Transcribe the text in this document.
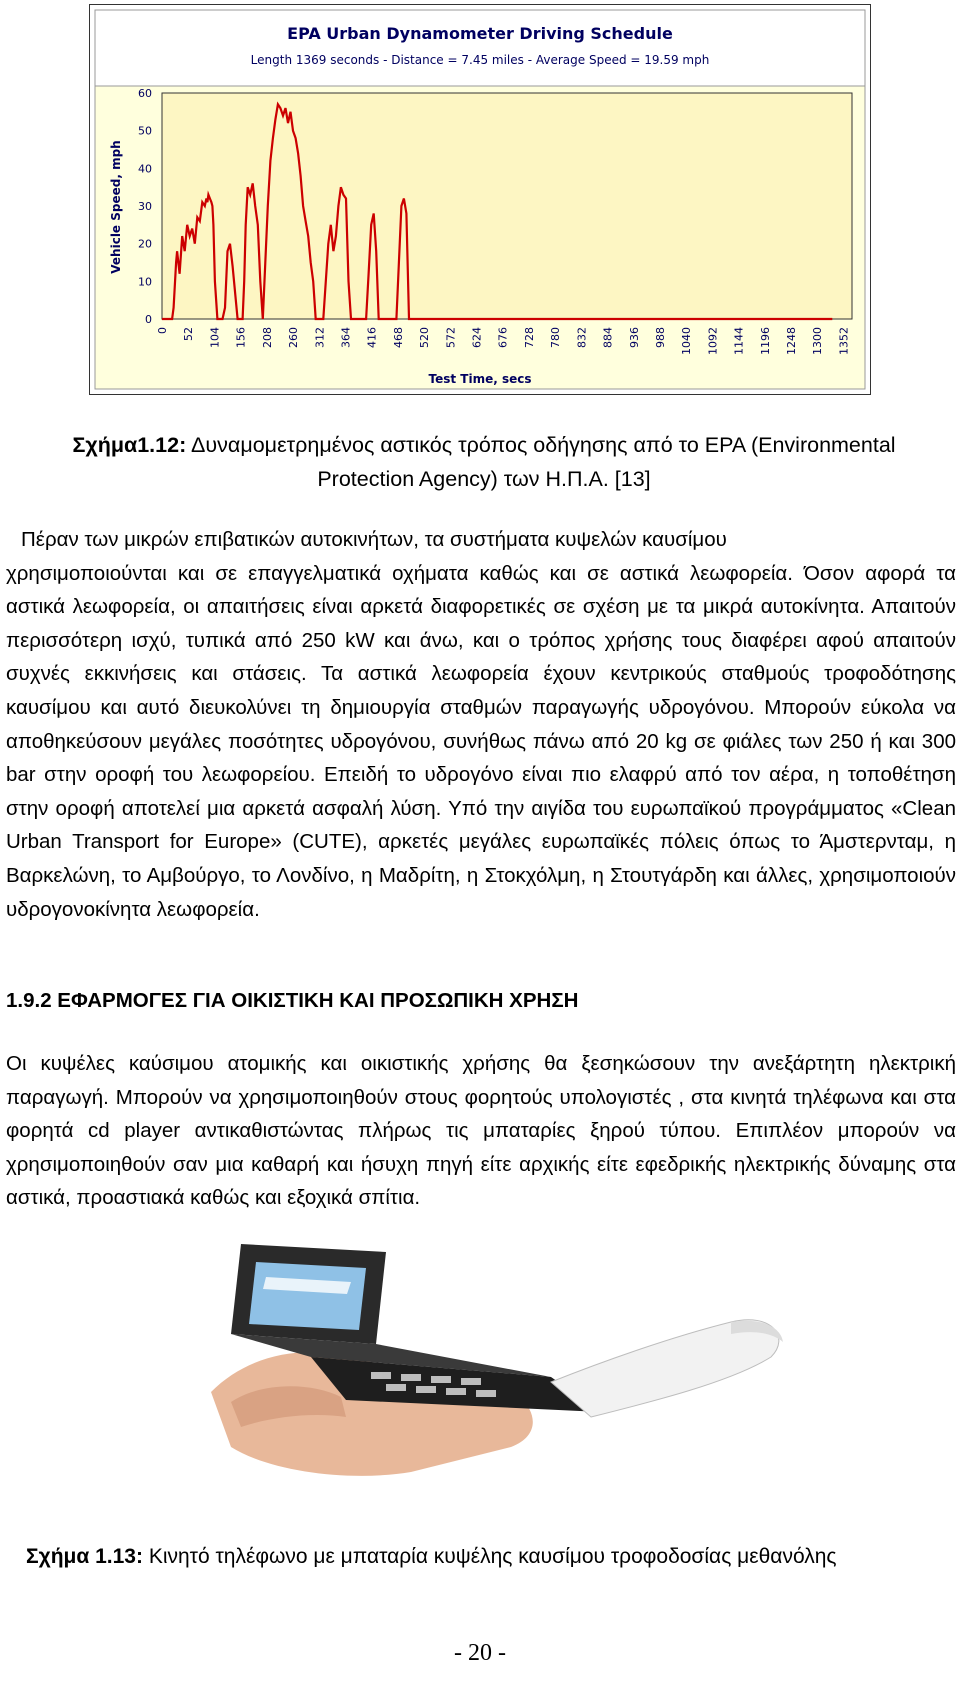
EPA Urban Dynamometer Driving Schedule
Length 1369 seconds - Distance = 7.45 miles - Average Speed = 19.59 mph
Test Time, secs
Vehicle Speed, mph
0
10
20
30
40
50
60
0 52 104 156 208 260 312 364 416 468 520 572 624 676 728 780 832 884 936 988 1040 1092 1144 1196 1248 1300 1352
Σχήμα1.12: Δυναμομετρημένος αστικός τρόπος οδήγησης από το EPA (Environmental
Protection Agency) των Η.Π.Α. [13]
Πέραν των μικρών επιβατικών αυτοκινήτων, τα συστήματα κυψελών καυσίμου
χρησιμοποιούνται και σε επαγγελματικά οχήματα καθώς και σε αστικά λεωφορεία. Όσον αφορά τα αστικά λεωφορεία, οι απαιτήσεις είναι αρκετά διαφορετικές σε σχέση με τα μικρά αυτοκίνητα. Απαιτούν περισσότερη ισχύ, τυπικά από 250 kW και άνω, και ο τρόπος χρήσης τους διαφέρει αφού απαιτούν συχνές εκκινήσεις και στάσεις. Τα αστικά λεωφορεία έχουν κεντρικούς σταθμούς τροφοδότησης καυσίμου και αυτό διευκολύνει τη δημιουργία σταθμών παραγωγής υδρογόνου. Μπορούν εύκολα να αποθηκεύσουν μεγάλες ποσότητες υδρογόνου, συνήθως πάνω από 20 kg σε φιάλες των 250 ή και 300 bar στην οροφή του λεωφορείου. Επειδή το υδρογόνο είναι πιο ελαφρύ από τον αέρα, η τοποθέτηση στην οροφή αποτελεί μια αρκετά ασφαλή λύση. Υπό την αιγίδα του ευρωπαϊκού προγράμματος «Clean Urban Transport for Europe» (CUTE), αρκετές μεγάλες ευρωπαϊκές πόλεις όπως το Άμστερνταμ, η Βαρκελώνη, το Αμβούργο, το Λονδίνο, η Μαδρίτη, η Στοκχόλμη, η Στουτγάρδη και άλλες, χρησιμοποιούν υδρογονοκίνητα λεωφορεία.
1.9.2 ΕΦΑΡΜΟΓΕΣ ΓΙΑ ΟΙΚΙΣΤΙΚΗ ΚΑΙ ΠΡΟΣΩΠΙΚΗ ΧΡΗΣΗ
Οι κυψέλες καύσιμου ατομικής και οικιστικής χρήσης θα ξεσηκώσουν την ανεξάρτητη ηλεκτρική παραγωγή. Μπορούν να χρησιμοποιηθούν στους φορητούς υπολογιστές , στα κινητά τηλέφωνα και στα φορητά cd player αντικαθιστώντας πλήρως τις μπαταρίες ξηρού τύπου. Επιπλέον μπορούν να χρησιμοποιηθούν σαν μια καθαρή και ήσυχη πηγή είτε αρχικής είτε εφεδρικής ηλεκτρικής δύναμης στα αστικά, προαστιακά καθώς και εξοχικά σπίτια.
Σχήμα 1.13: Κινητό τηλέφωνο με μπαταρία κυψέλης καυσίμου τροφοδοσίας μεθανόλης
- 20 -
